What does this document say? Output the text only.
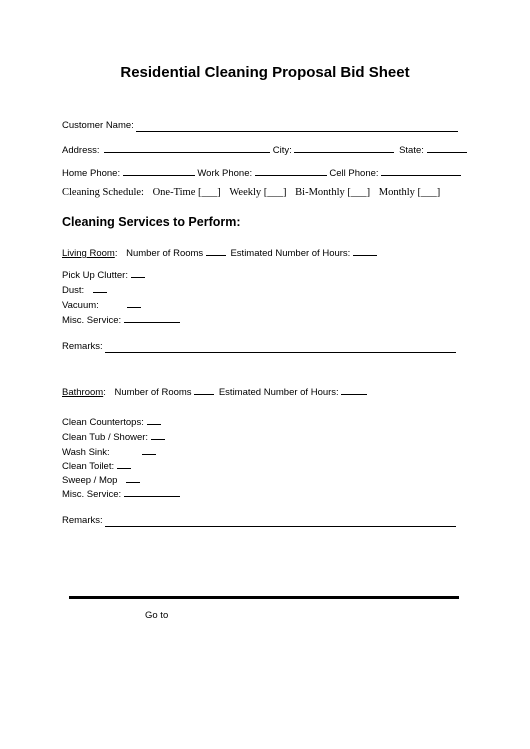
Residential Cleaning Proposal Bid Sheet
Customer Name:
Address:	City:	State:
Home Phone:	Work Phone:	Cell Phone:
Cleaning Schedule: One-Time [___] Weekly [___] Bi-Monthly [___] Monthly [___]
Cleaning Services to Perform:
Living Room: Number of Rooms	Estimated Number of Hours:
Pick Up Clutter:
Dust:
Vacuum:
Misc. Service:
Remarks:
Bathroom: Number of Rooms	Estimated Number of Hours:
Clean Countertops:
Clean Tub / Shower:
Wash Sink:
Clean Toilet:
Sweep / Mop
Misc. Service:
Remarks:
Go to
